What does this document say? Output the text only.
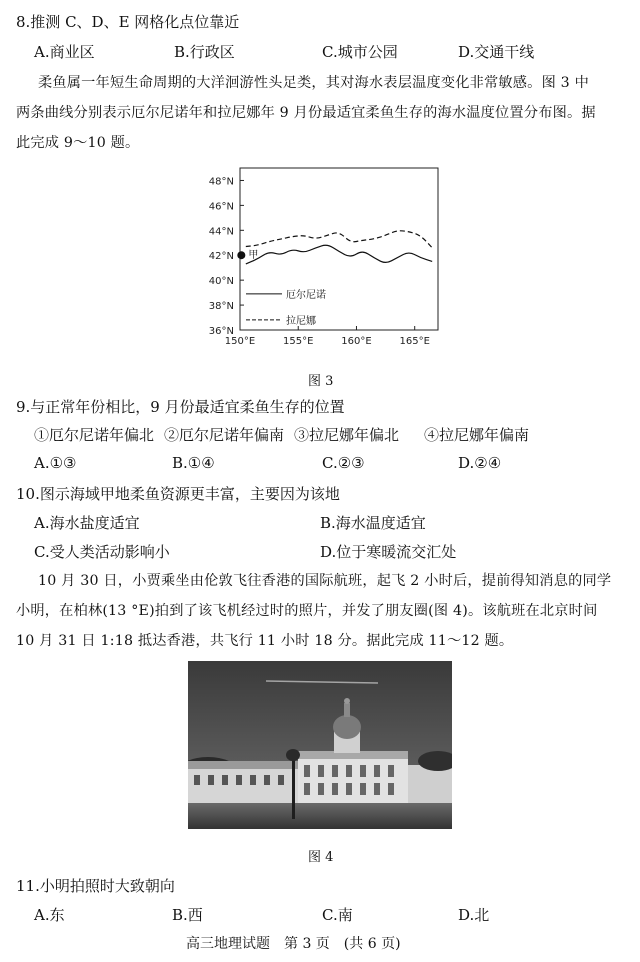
8.推测 C、D、E 网格化点位靠近
A.商业区	B.行政区	C.城市公园	D.交通干线
柔鱼属一年短生命周期的大洋洄游性头足类，其对海水表层温度变化非常敏感。图 3 中
两条曲线分别表示厄尔尼诺年和拉尼娜年 9 月份最适宜柔鱼生存的海水温度位置分布图。据
此完成 9～10 题。
48°N
46°N
44°N
42°N
40°N
38°N
36°N
150°E	155°E	160°E	165°E
甲
厄尔尼诺
拉尼娜
图 3
9.与正常年份相比，9 月份最适宜柔鱼生存的位置
①厄尔尼诺年偏北 ②厄尔尼诺年偏南 ③拉尼娜年偏北 ④拉尼娜年偏南
A.①③	B.①④	C.②③	D.②④
10.图示海域甲地柔鱼资源更丰富，主要因为该地
A.海水盐度适宜	B.海水温度适宜
C.受人类活动影响小	D.位于寒暖流交汇处
10 月 30 日，小贾乘坐由伦敦飞往香港的国际航班，起飞 2 小时后，提前得知消息的同学
小明，在柏林(13 °E)拍到了该飞机经过时的照片，并发了朋友圈(图 4)。该航班在北京时间
10 月 31 日 1:18 抵达香港，共飞行 11 小时 18 分。据此完成 11～12 题。
图 4
11.小明拍照时大致朝向
A.东	B.西	C.南	D.北
高三地理试题　第 3 页　(共 6 页)
